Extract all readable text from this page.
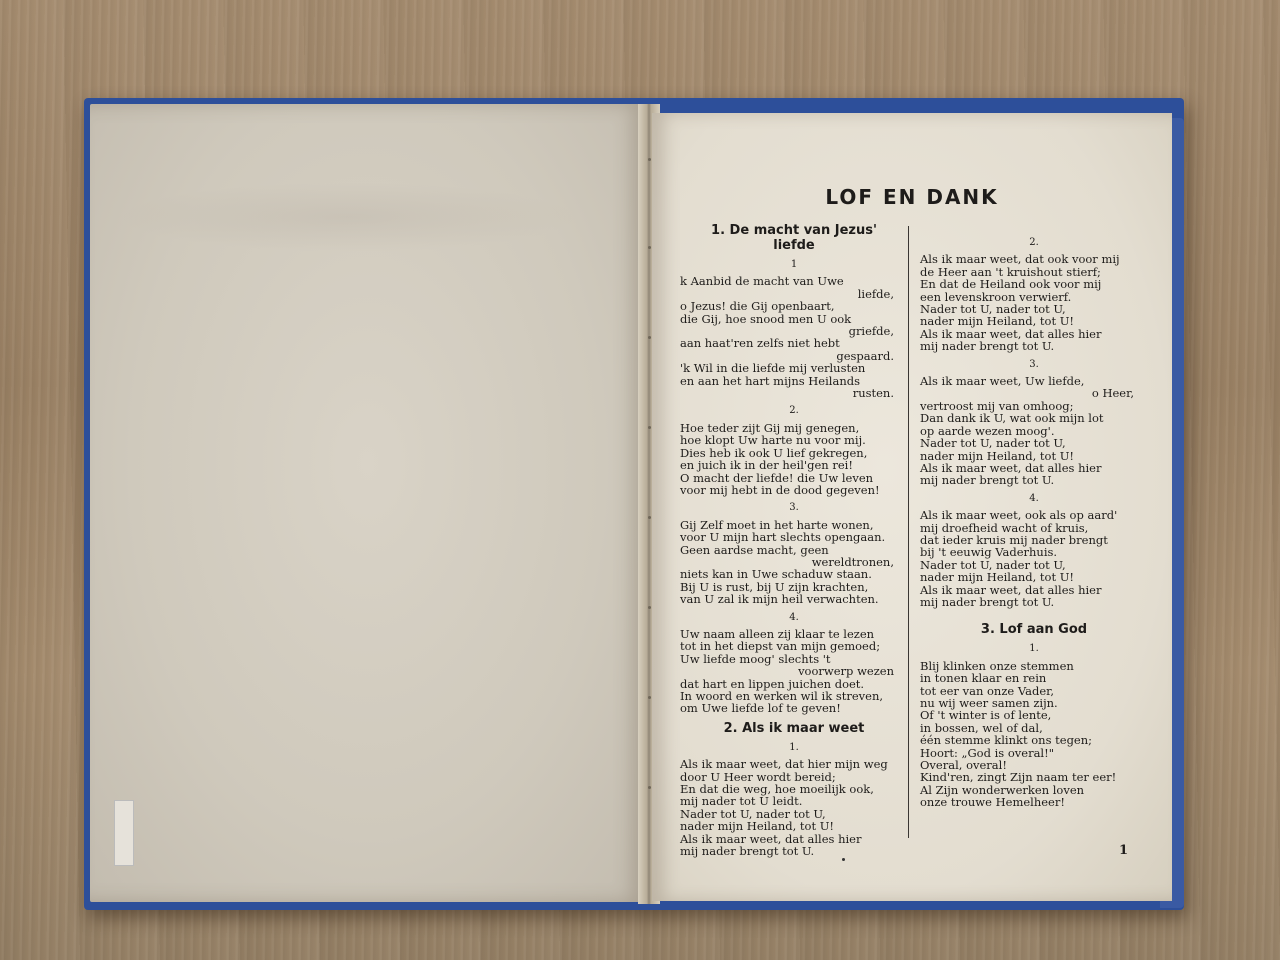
LOF EN DANK
1. De macht van Jezus'
liefde
1
k Aanbid de macht van Uwe
liefde,
o Jezus! die Gij openbaart,
die Gij, hoe snood men U ook
griefde,
aan haat'ren zelfs niet hebt
gespaard.
'k Wil in die liefde mij verlusten
en aan het hart mijns Heilands
rusten.
2.
Hoe teder zijt Gij mij genegen,
hoe klopt Uw harte nu voor mij.
Dies heb ik ook U lief gekregen,
en juich ik in der heil'gen rei!
O macht der liefde! die Uw leven
voor mij hebt in de dood gegeven!
3.
Gij Zelf moet in het harte wonen,
voor U mijn hart slechts opengaan.
Geen aardse macht, geen
wereldtronen,
niets kan in Uwe schaduw staan.
Bij U is rust, bij U zijn krachten,
van U zal ik mijn heil verwachten.
4.
Uw naam alleen zij klaar te lezen
tot in het diepst van mijn gemoed;
Uw liefde moog' slechts 't
voorwerp wezen
dat hart en lippen juichen doet.
In woord en werken wil ik streven,
om Uwe liefde lof te geven!
2. Als ik maar weet
1.
Als ik maar weet, dat hier mijn weg
door U Heer wordt bereid;
En dat die weg, hoe moeilijk ook,
mij nader tot U leidt.
Nader tot U, nader tot U,
nader mijn Heiland, tot U!
Als ik maar weet, dat alles hier
mij nader brengt tot U.
2.
Als ik maar weet, dat ook voor mij
de Heer aan 't kruishout stierf;
En dat de Heiland ook voor mij
een levenskroon verwierf.
Nader tot U, nader tot U,
nader mijn Heiland, tot U!
Als ik maar weet, dat alles hier
mij nader brengt tot U.
3.
Als ik maar weet, Uw liefde,
o Heer,
vertroost mij van omhoog;
Dan dank ik U, wat ook mijn lot
op aarde wezen moog'.
Nader tot U, nader tot U,
nader mijn Heiland, tot U!
Als ik maar weet, dat alles hier
mij nader brengt tot U.
4.
Als ik maar weet, ook als op aard'
mij droefheid wacht of kruis,
dat ieder kruis mij nader brengt
bij 't eeuwig Vaderhuis.
Nader tot U, nader tot U,
nader mijn Heiland, tot U!
Als ik maar weet, dat alles hier
mij nader brengt tot U.
3. Lof aan God
1.
Blij klinken onze stemmen
in tonen klaar en rein
tot eer van onze Vader,
nu wij weer samen zijn.
Of 't winter is of lente,
in bossen, wel of dal,
één stemme klinkt ons tegen;
Hoort: „God is overal!"
Overal, overal!
Kind'ren, zingt Zijn naam ter eer!
Al Zijn wonderwerken loven
onze trouwe Hemelheer!
1
